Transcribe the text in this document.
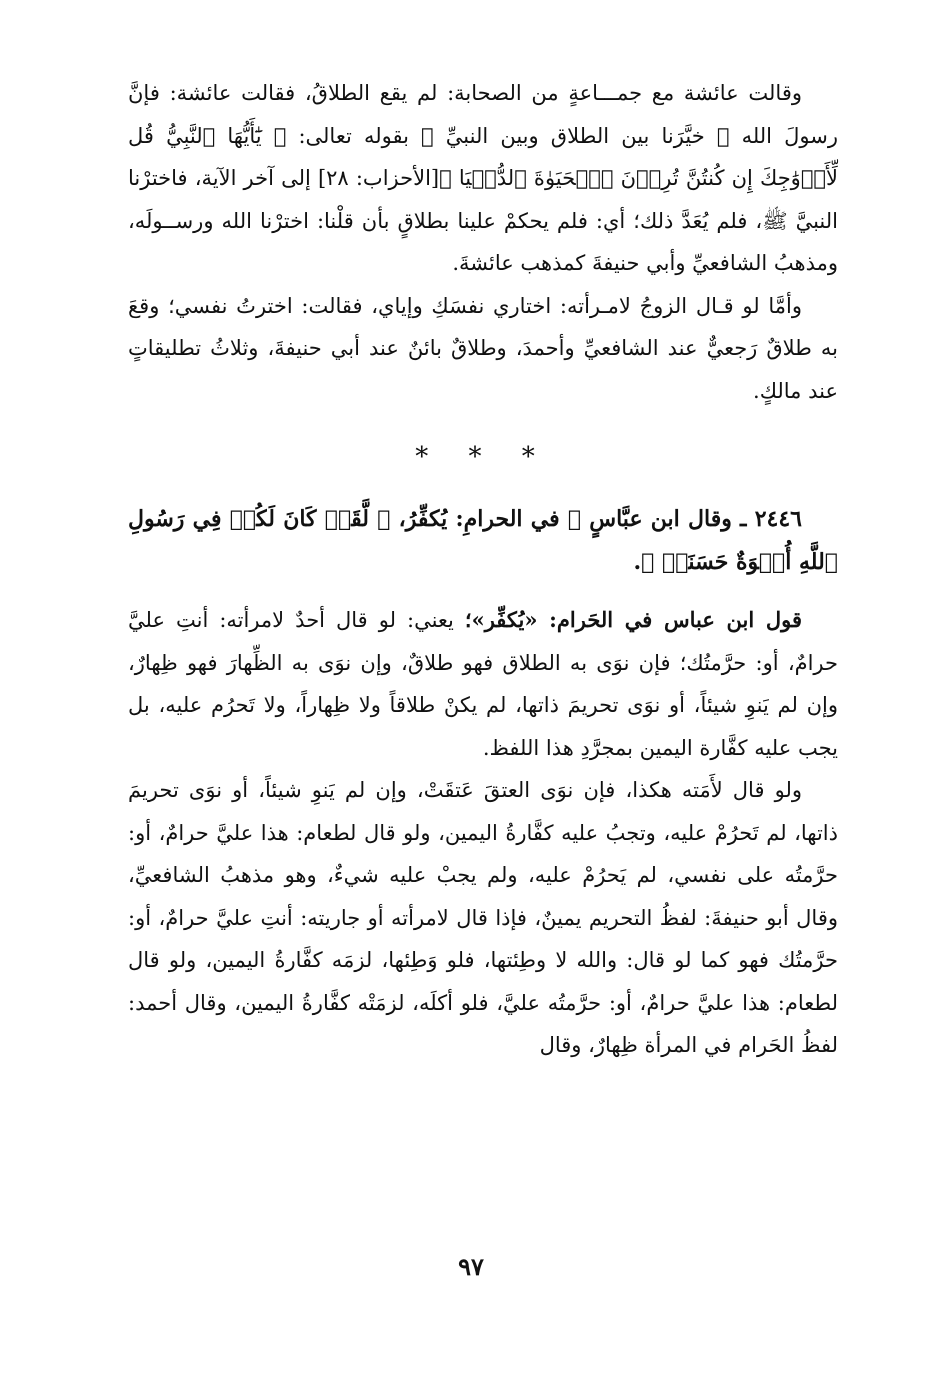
وقالت عائشة مع جمـــاعةٍ من الصحابة: لم يقع الطلاقُ، فقالت عائشة: فإنَّ رسولَ الله ﷺ خيَّرَنا بين الطلاق وبين النبيِّ ﷺ بقوله تعالى: ﴿ يَٰٓأَيُّهَا ٱلنَّبِيُّ قُل لِّأَزۡوَٰجِكَ إِن كُنتُنَّ تُرِدۡنَ ٱلۡحَيَوٰةَ ٱلدُّنۡيَا ﴾[الأحزاب: ٢٨] إلى آخر الآية، فاخترْنا النبيَّ ﷺ، فلم يُعَدَّ ذلك؛ أي: فلم يحكمْ علينا بطلاقٍ بأن قلْنا: اخترْنا الله ورســولَه، ومذهبُ الشافعيِّ وأبي حنيفةَ كمذهب عائشةَ.

وأمَّا لو قـال الزوجُ لامـرأته: اختاري نفسَكِ وإياي، فقالت: اخترتُ نفسي؛ وقعَ به طلاقٌ رَجعيٌّ عند الشافعيِّ وأحمدَ، وطلاقٌ بائنٌ عند أبي حنيفةَ، وثلاثُ تطليقاتٍ عند مالكٍ.

* * *

٢٤٤٦ ـ وقال ابن عبَّاسٍ ﷺ في الحرامِ: يُكفِّرُ، ﴿ لَّقَدۡ كَانَ لَكُمۡ فِي رَسُولِ ٱللَّهِ أُسۡوَةٌ حَسَنَةٞ ﴾.

قول ابن عباس في الحَرام: «يُكفِّر»؛ يعني: لو قال أحدٌ لامرأته: أنتِ عليَّ حرامٌ، أو: حرَّمتُك؛ فإن نوَى به الطلاق فهو طلاقٌ، وإن نوَى به الظِّهارَ فهو ظِهارٌ، وإن لم يَنوِ شيئاً، أو نوَى تحريمَ ذاتها، لم يكنْ طلاقاً ولا ظِهاراً، ولا تَحرُم عليه، بل يجب عليه كفَّارة اليمين بمجرَّدِ هذا اللفظ.

ولو قال لأَمَته هكذا، فإن نوَى العتقَ عَتقَتْ، وإن لم يَنوِ شيئاً، أو نوَى تحريمَ ذاتها، لم تَحرُمْ عليه، وتجبُ عليه كفَّارةُ اليمين، ولو قال لطعام: هذا عليَّ حرامٌ، أو: حرَّمتُه على نفسي، لم يَحرُمْ عليه، ولم يجبْ عليه شيءٌ، وهو مذهبُ الشافعيِّ، وقال أبو حنيفةَ: لفظُ التحريم يمينٌ، فإذا قال لامرأته أو جاريته: أنتِ عليَّ حرامٌ، أو: حرَّمتُك فهو كما لو قال: والله لا وطِئتها، فلو وَطِئها، لزمَه كفَّارةُ اليمين، ولو قال لطعام: هذا عليَّ حرامٌ، أو: حرَّمتُه عليَّ، فلو أكلَه، لزمَتْه كفَّارةُ اليمين، وقال أحمد: لفظُ الحَرام في المرأة ظِهارٌ، وقال

٩٧
